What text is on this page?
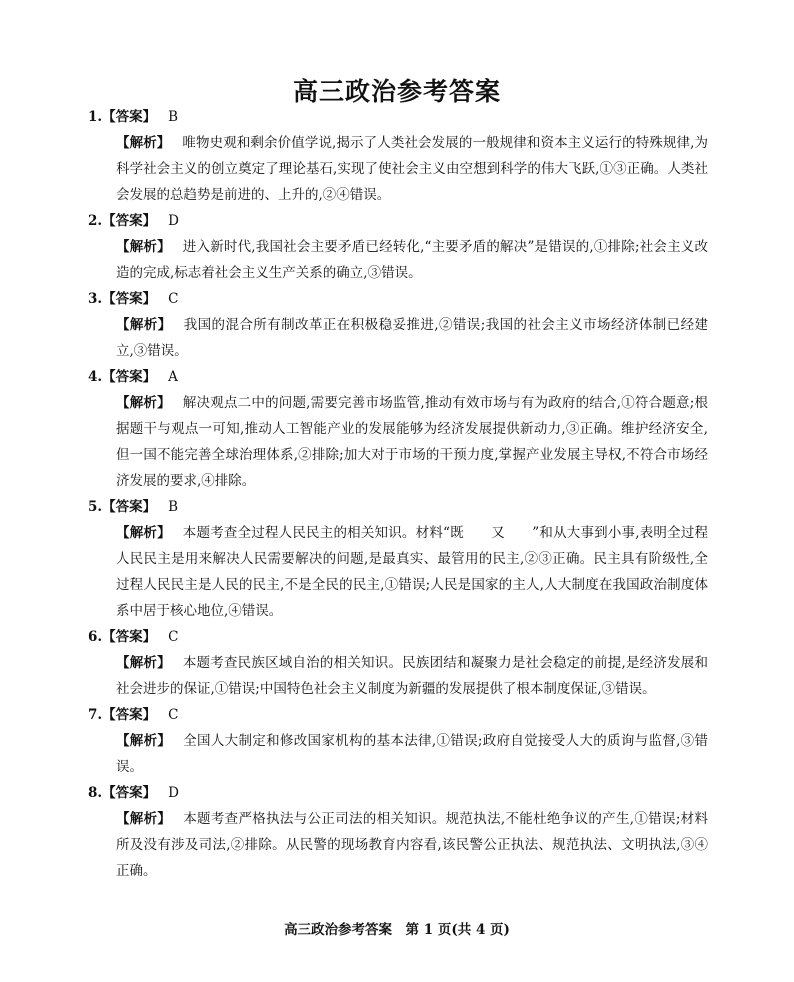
高三政治参考答案
1.【答案】 B

【解析】 唯物史观和剩余价值学说,揭示了人类社会发展的一般规律和资本主义运行的特殊规律,为科学社会主义的创立奠定了理论基石,实现了使社会主义由空想到科学的伟大飞跃,①③正确。人类社会发展的总趋势是前进的、上升的,②④错误。

2.【答案】 D

【解析】 进入新时代,我国社会主要矛盾已经转化,“主要矛盾的解决”是错误的,①排除;社会主义改造的完成,标志着社会主义生产关系的确立,③错误。

3.【答案】 C

【解析】 我国的混合所有制改革正在积极稳妥推进,②错误;我国的社会主义市场经济体制已经建立,③错误。

4.【答案】 A

【解析】 解决观点二中的问题,需要完善市场监管,推动有效市场与有为政府的结合,①符合题意;根据题干与观点一可知,推动人工智能产业的发展能够为经济发展提供新动力,③正确。维护经济安全,但一国不能完善全球治理体系,②排除;加大对于市场的干预力度,掌握产业发展主导权,不符合市场经济发展的要求,④排除。

5.【答案】 B

【解析】 本题考查全过程人民民主的相关知识。材料“既　　又　　”和从大事到小事,表明全过程人民民主是用来解决人民需要解决的问题,是最真实、最管用的民主,②③正确。民主具有阶级性,全过程人民民主是人民的民主,不是全民的民主,①错误;人民是国家的主人,人大制度在我国政治制度体系中居于核心地位,④错误。

6.【答案】 C

【解析】 本题考查民族区域自治的相关知识。民族团结和凝聚力是社会稳定的前提,是经济发展和社会进步的保证,①错误;中国特色社会主义制度为新疆的发展提供了根本制度保证,③错误。

7.【答案】 C

【解析】 全国人大制定和修改国家机构的基本法律,①错误;政府自觉接受人大的质询与监督,③错误。

8.【答案】 D

【解析】 本题考查严格执法与公正司法的相关知识。规范执法,不能杜绝争议的产生,①错误;材料所及没有涉及司法,②排除。从民警的现场教育内容看,该民警公正执法、规范执法、文明执法,③④正确。

高三政治参考答案　第 1 页(共 4 页)
